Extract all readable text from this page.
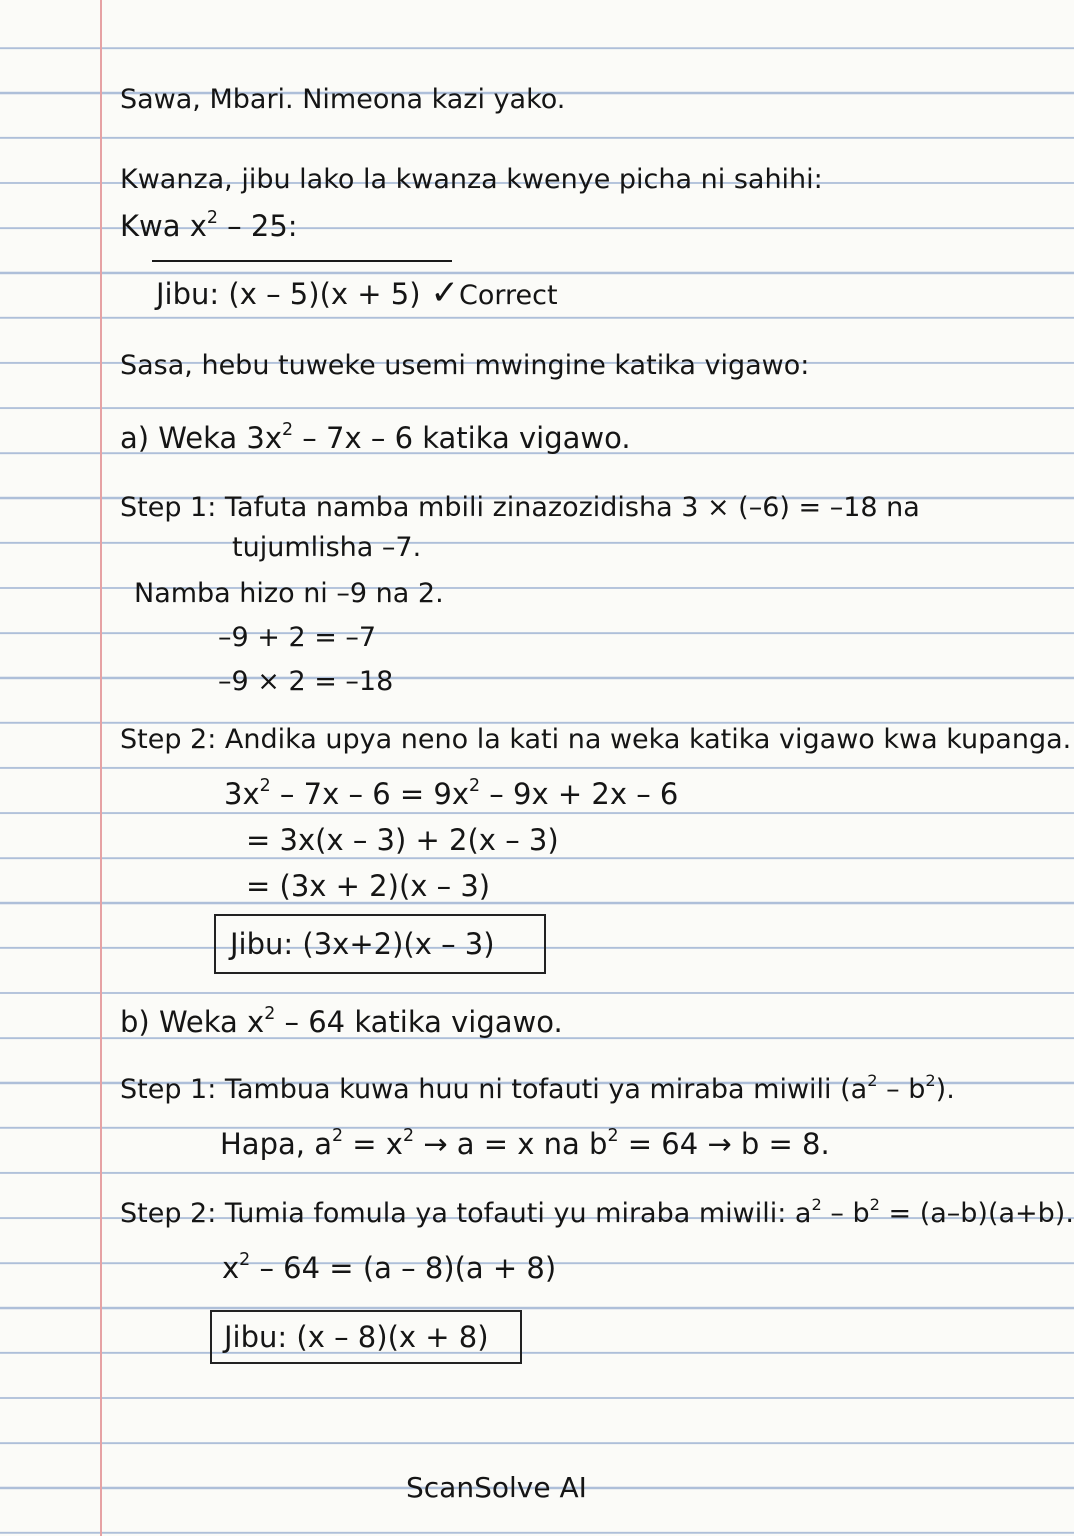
Sawa, Mbari. Nimeona kazi yako.
Kwanza, jibu lako la kwanza kwenye picha ni sahihi:
Kwa $x^2 - 25$:
Jibu: (x – 5)(x + 5) ✓Correct
Sasa, hebu tuweke usemi mwingine katika vigawo:
a) Weka $3x^2 - 7x - 6$ katika vigawo.
Step 1: Tafuta namba mbili zinazozidisha 3 × (–6) = –18 na
tujumlisha –7.
Namba hizo ni –9 na 2.
–9 + 2 = –7
–9 × 2 = –18
Step 2: Andika upya neno la kati na weka katika vigawo kwa kupanga.
$3x^2 - 7x - 6 = 9x^2 - 9x + 2x - 6$
= 3x(x – 3) + 2(x – 3)
= (3x + 2)(x – 3)
Jibu: (3x+2)(x – 3)
b) Weka $x^2 - 64$ katika vigawo.
Step 1: Tambua kuwa huu ni tofauti ya miraba miwili $(a^2 - b^2)$.
Hapa, $a^2 = x^2 \to a = x$ na $b^2 = 64 \to b = 8$.
Step 2: Tumia fomula ya tofauti yu miraba miwili: $a^2 - b^2 = (a-b)(a+b)$.
$x^2 - 64 = (a - 8)(a + 8)$
Jibu: (x – 8)(x + 8)
ScanSolve AI
